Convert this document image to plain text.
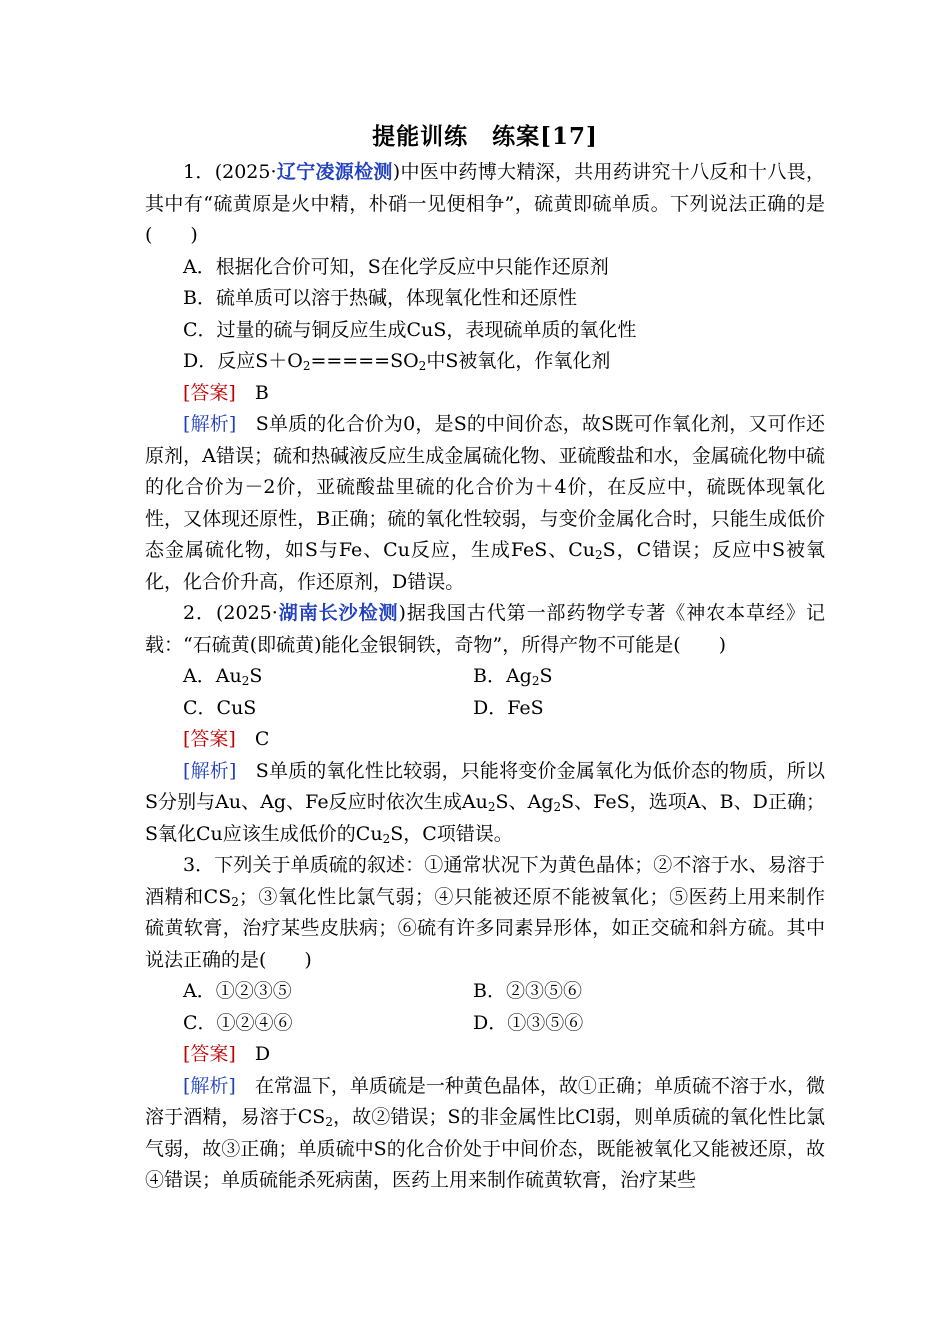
提能训练　练案[17]
1．(2025·辽宁凌源检测)中医中药博大精深，共用药讲究十八反和十八畏，其中有“硫黄原是火中精，朴硝一见便相争”，硫黄即硫单质。下列说法正确的是(　　)
A．根据化合价可知，S在化学反应中只能作还原剂
B．硫单质可以溶于热碱，体现氧化性和还原性
C．过量的硫与铜反应生成CuS，表现硫单质的氧化性
D．反应$S+O_2=====SO_2$中S被氧化，作氧化剂
[答案]　 B
[解析]　 S单质的化合价为0，是S的中间价态，故S既可作氧化剂，又可作还原剂，A错误；硫和热碱液反应生成金属硫化物、亚硫酸盐和水，金属硫化物中硫的化合价为－2价，亚硫酸盐里硫的化合价为＋4价，在反应中，硫既体现氧化性，又体现还原性，B正确；硫的氧化性较弱，与变价金属化合时，只能生成低价态金属硫化物，如S与Fe、Cu反应，生成FeS、$Cu_2S$，C错误；反应中S被氧化，化合价升高，作还原剂，D错误。
2．(2025·湖南长沙检测)据我国古代第一部药物学专著《神农本草经》记载：“石硫黄(即硫黄)能化金银铜铁，奇物”，所得产物不可能是(　　)
A．$Au_2S$	B．$Ag_2S$
C．CuS	D．FeS
[答案]　 C
[解析]　 S单质的氧化性比较弱，只能将变价金属氧化为低价态的物质，所以S分别与Au、Ag、Fe反应时依次生成$Au_2S$、$Ag_2S$、FeS，选项A、B、D正确；S氧化Cu应该生成低价的$Cu_2S$，C项错误。
3．下列关于单质硫的叙述：①通常状况下为黄色晶体；②不溶于水、易溶于酒精和$CS_2$；③氧化性比氯气弱；④只能被还原不能被氧化；⑤医药上用来制作硫黄软膏，治疗某些皮肤病；⑥硫有许多同素异形体，如正交硫和斜方硫。其中说法正确的是(　　)
A．①②③⑤	B．②③⑤⑥
C．①②④⑥	D．①③⑤⑥
[答案]　 D
[解析]　 在常温下，单质硫是一种黄色晶体，故①正确；单质硫不溶于水，微溶于酒精，易溶于$CS_2$，故②错误；S的非金属性比Cl弱，则单质硫的氧化性比氯气弱，故③正确；单质硫中S的化合价处于中间价态，既能被氧化又能被还原，故④错误；单质硫能杀死病菌，医药上用来制作硫黄软膏，治疗某些
